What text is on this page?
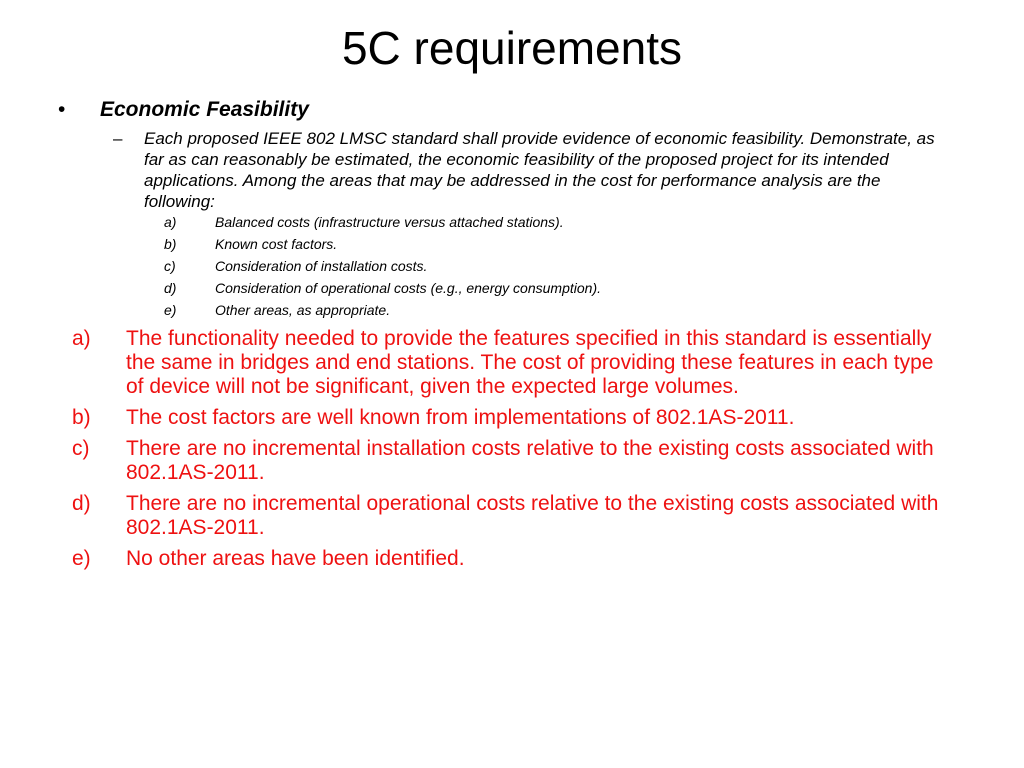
5C requirements
•	Economic Feasibility
–	Each proposed IEEE 802 LMSC standard shall provide evidence of economic feasibility. Demonstrate, as far as can reasonably be estimated, the economic feasibility of the proposed project for its intended applications. Among the areas that may be addressed in the cost for performance analysis are the following:
a)	Balanced costs (infrastructure versus attached stations).
b)	Known cost factors.
c)	Consideration of installation costs.
d)	Consideration of operational costs (e.g., energy consumption).
e)	Other areas, as appropriate.
a)	The functionality needed to provide the features specified in this standard is essentially the same in bridges and end stations. The cost of providing these features in each type of device will not be significant, given the expected large volumes.
b)	The cost factors are well known from implementations of 802.1AS-2011.
c)	There are no incremental installation costs relative to the existing costs associated with 802.1AS-2011.
d)	There are no incremental operational costs relative to the existing costs associated with 802.1AS-2011.
e)	No other areas have been identified.
